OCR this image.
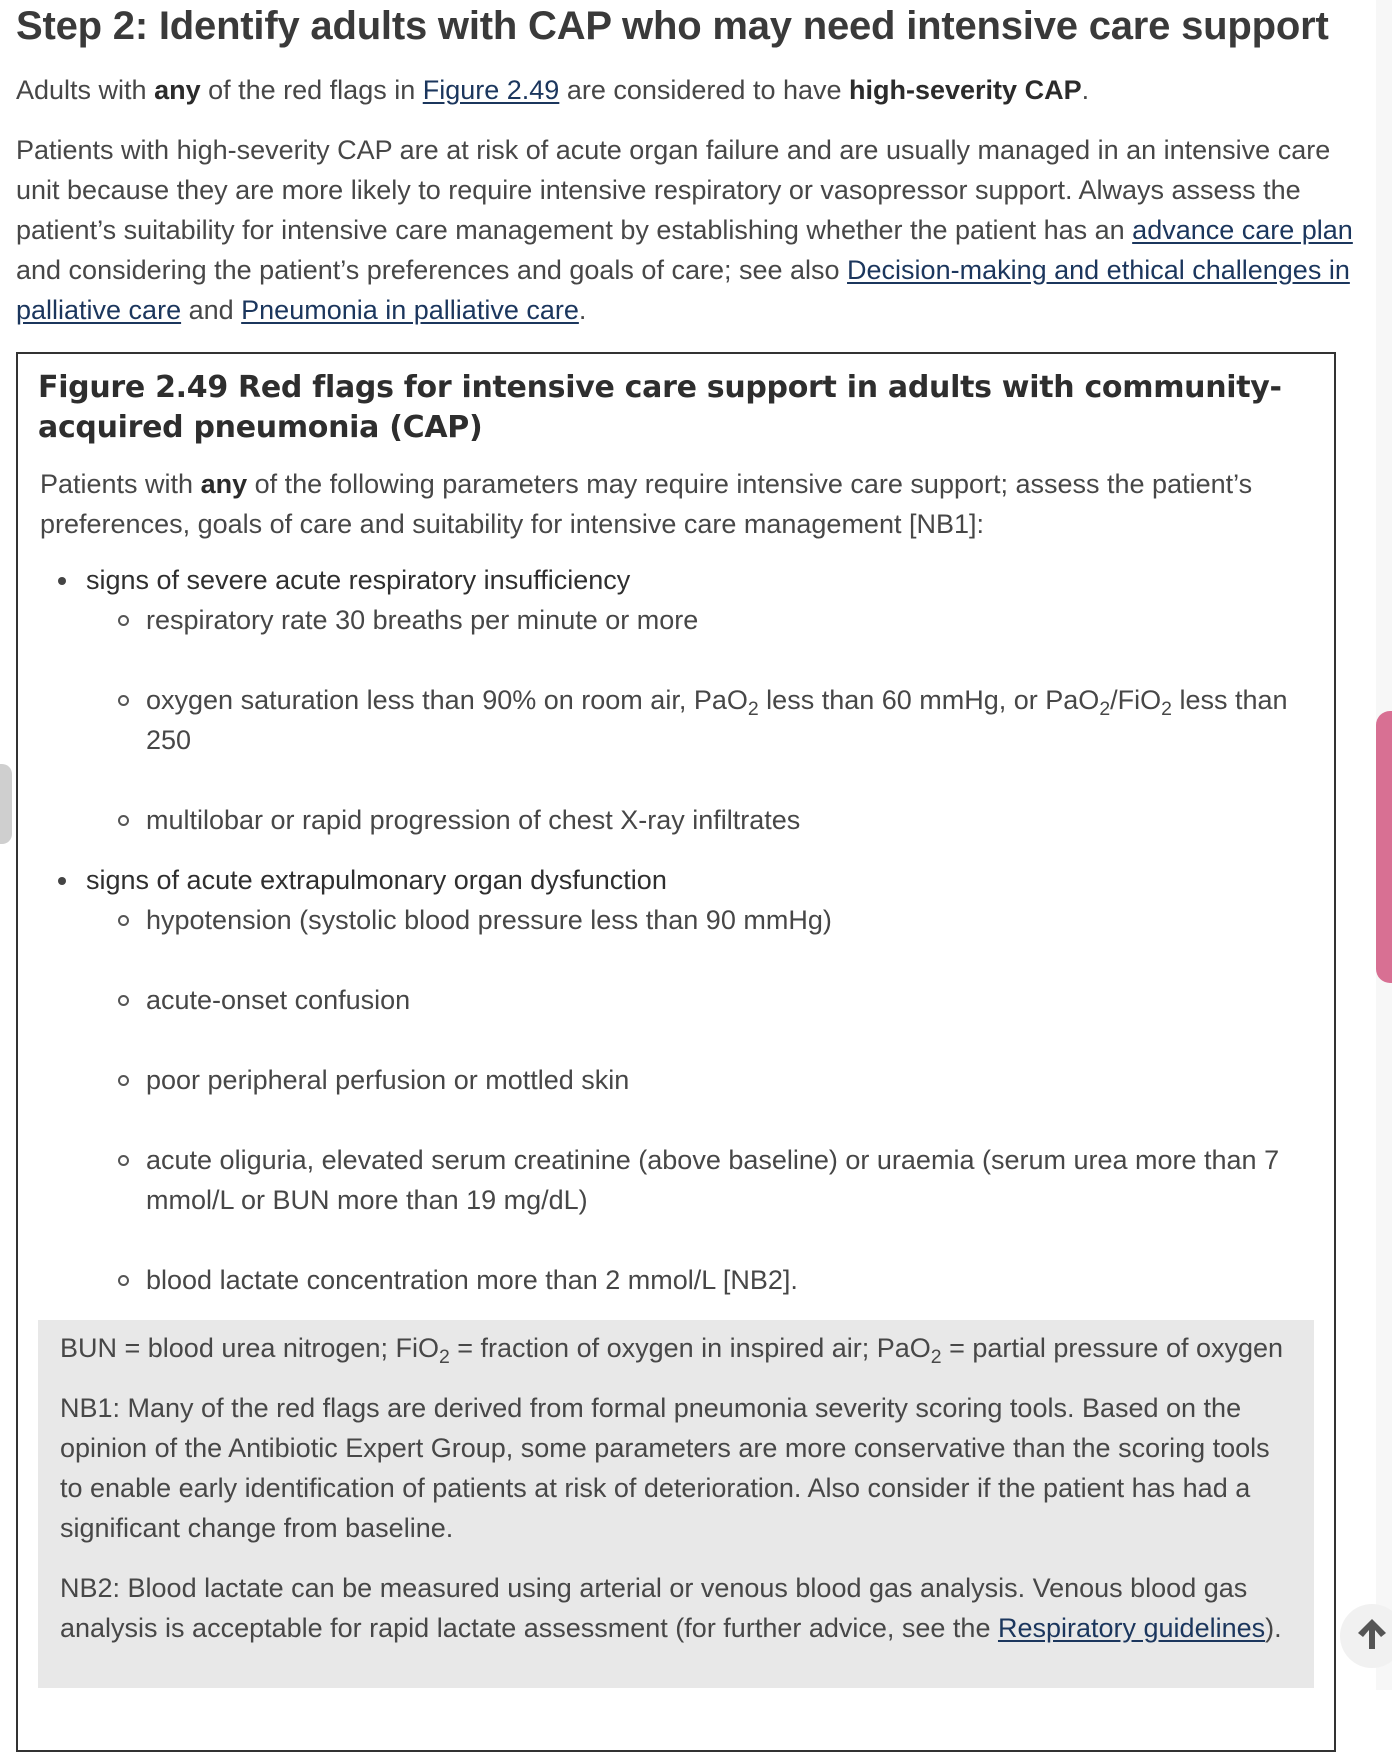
Step 2: Identify adults with CAP who may need intensive care support

Adults with any of the red flags in Figure 2.49 are considered to have high-severity CAP.

Patients with high-severity CAP are at risk of acute organ failure and are usually managed in an intensive care unit because they are more likely to require intensive respiratory or vasopressor support. Always assess the patient’s suitability for intensive care management by establishing whether the patient has an advance care plan and considering the patient’s preferences and goals of care; see also Decision-making and ethical challenges in palliative care and Pneumonia in palliative care.

Figure 2.49 Red flags for intensive care support in adults with community-acquired pneumonia (CAP)

Patients with any of the following parameters may require intensive care support; assess the patient’s preferences, goals of care and suitability for intensive care management [NB1]:

signs of severe acute respiratory insufficiency
respiratory rate 30 breaths per minute or more
oxygen saturation less than 90% on room air, PaO$_2$ less than 60 mmHg, or PaO$_2$/FiO$_2$ less than 250
multilobar or rapid progression of chest X-ray infiltrates
signs of acute extrapulmonary organ dysfunction
hypotension (systolic blood pressure less than 90 mmHg)
acute-onset confusion
poor peripheral perfusion or mottled skin
acute oliguria, elevated serum creatinine (above baseline) or uraemia (serum urea more than 7 mmol/L or BUN more than 19 mg/dL)
blood lactate concentration more than 2 mmol/L [NB2].

BUN = blood urea nitrogen; FiO$_2$ = fraction of oxygen in inspired air; PaO$_2$ = partial pressure of oxygen

NB1: Many of the red flags are derived from formal pneumonia severity scoring tools. Based on the opinion of the Antibiotic Expert Group, some parameters are more conservative than the scoring tools to enable early identification of patients at risk of deterioration. Also consider if the patient has had a significant change from baseline.

NB2: Blood lactate can be measured using arterial or venous blood gas analysis. Venous blood gas analysis is acceptable for rapid lactate assessment (for further advice, see the Respiratory guidelines).
